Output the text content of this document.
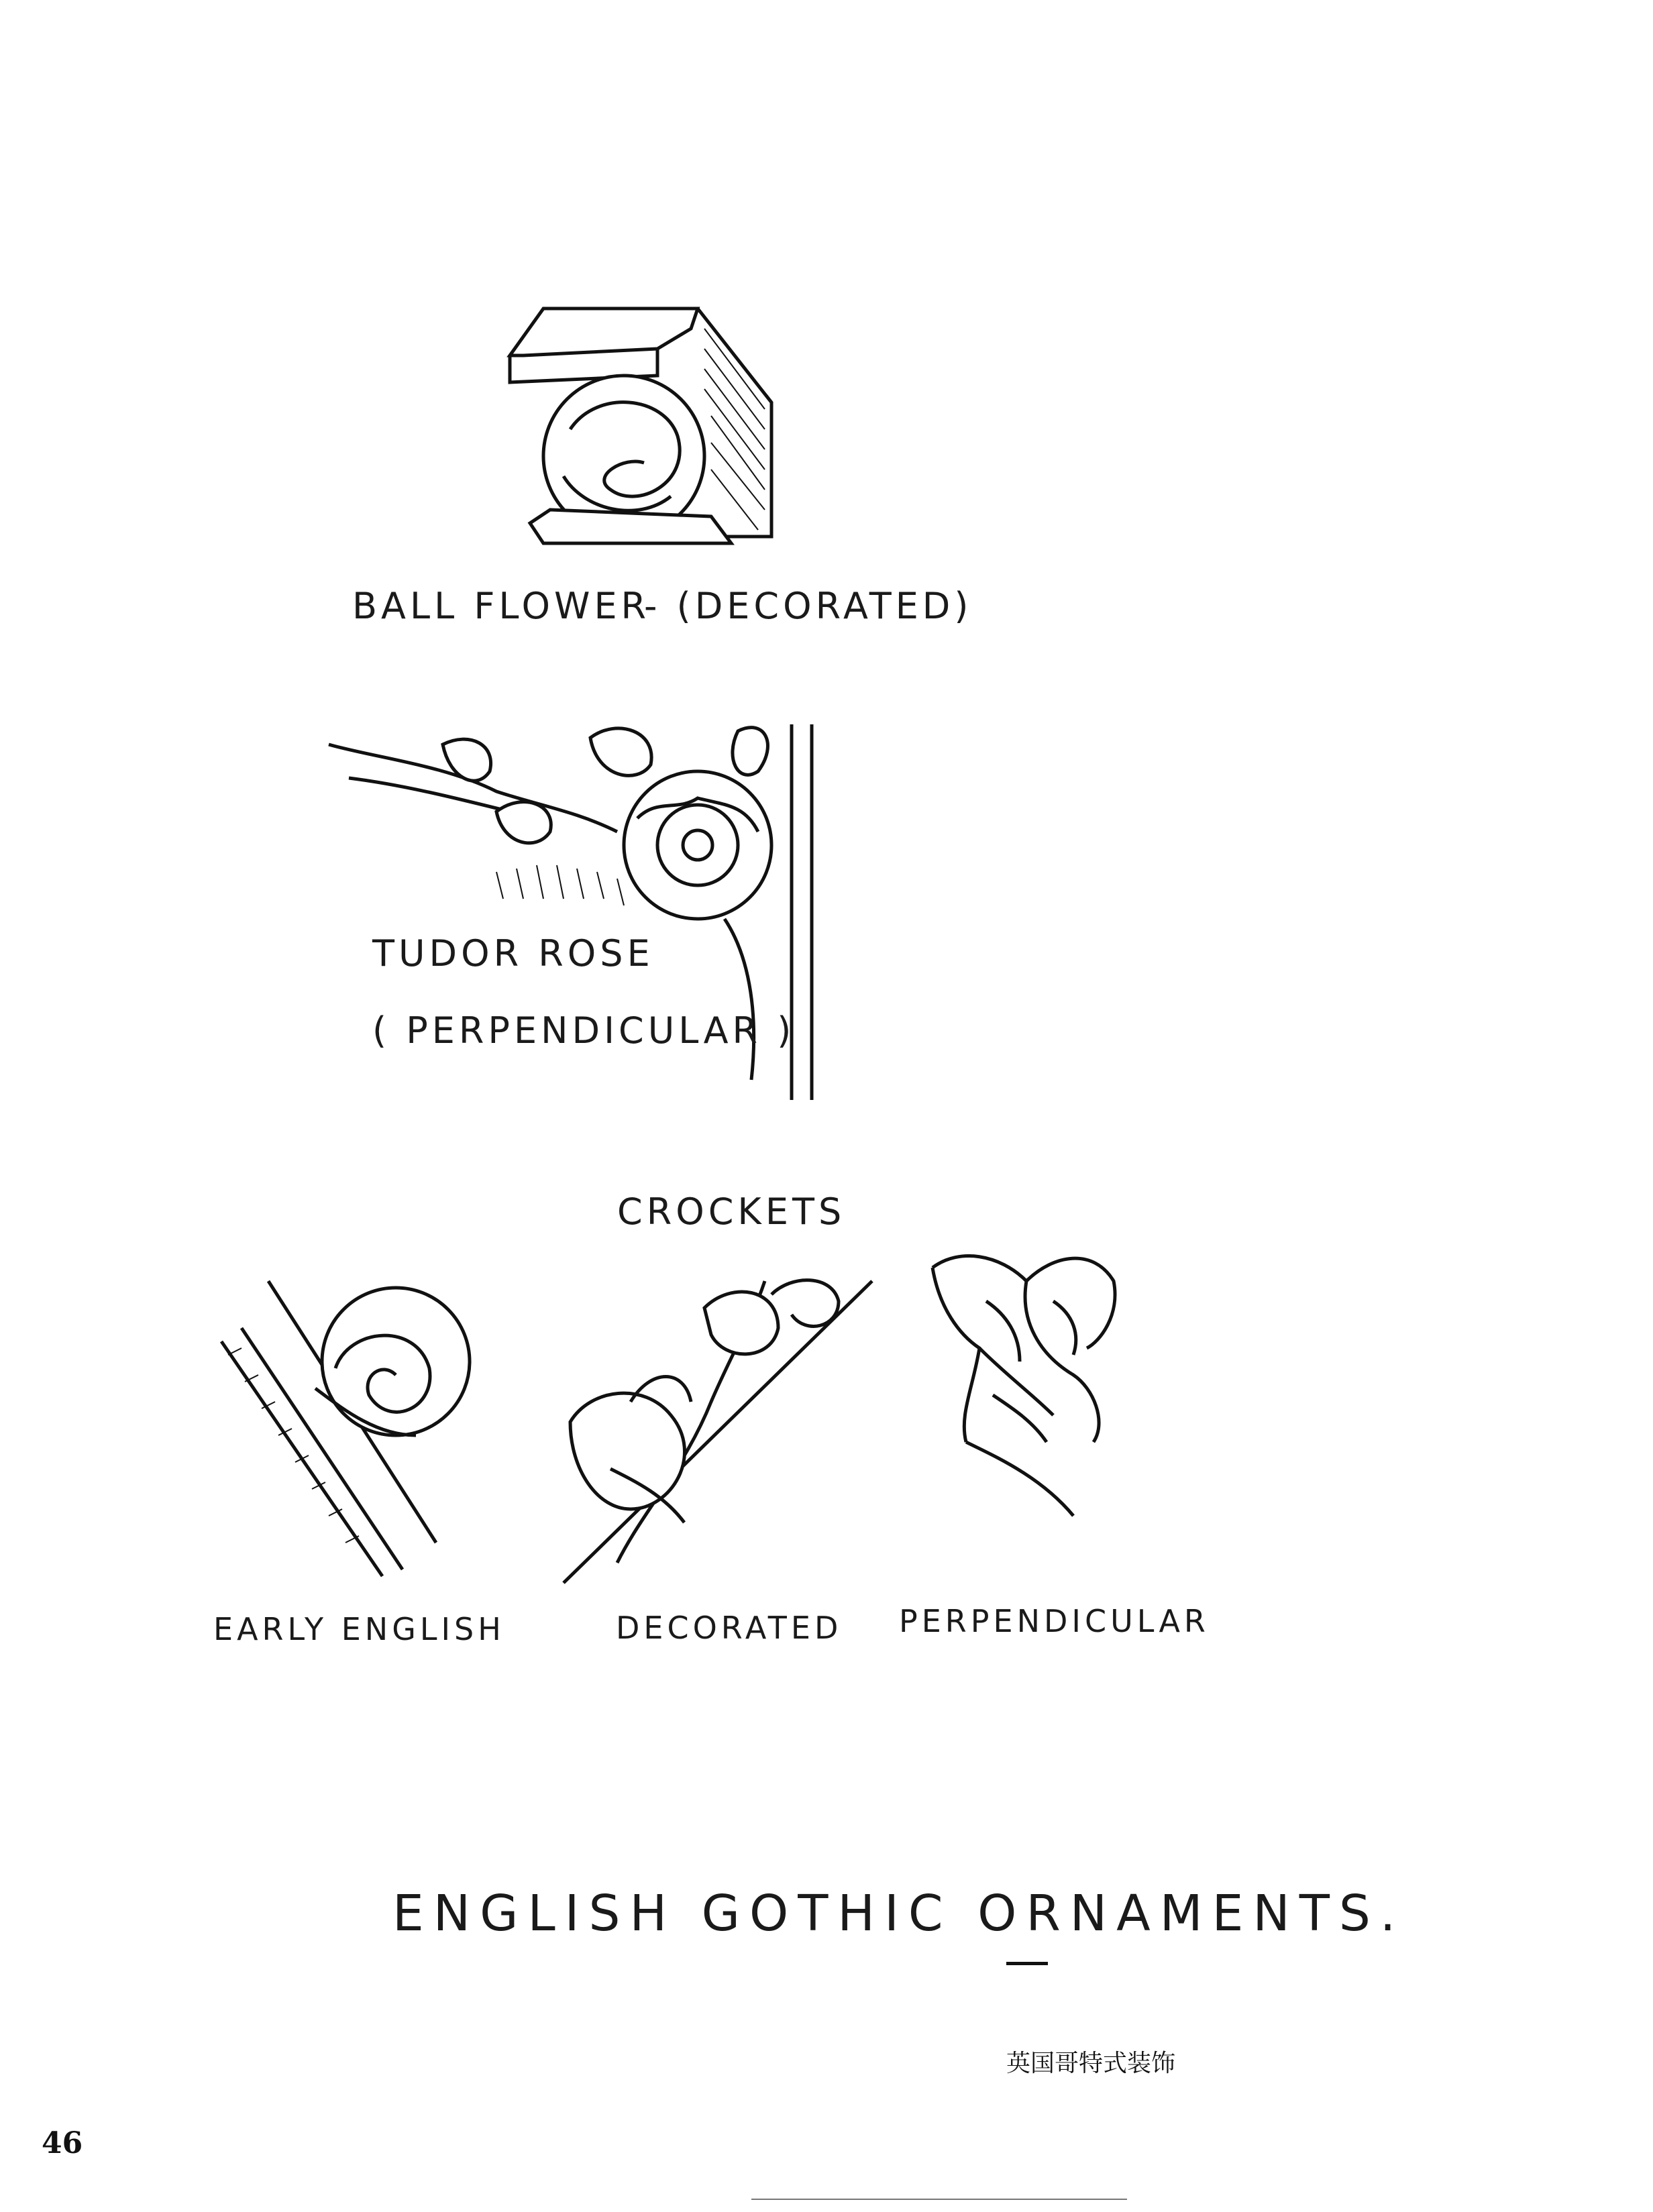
BALL FLOWER
- (DECORATED)
TUDOR ROSE
( PERPENDICULAR )
CROCKETS
EARLY ENGLISH	DECORATED PERPENDICULAR
ENGLISH GOTHIC ORNAMENTS.
英国哥特式装饰
46
